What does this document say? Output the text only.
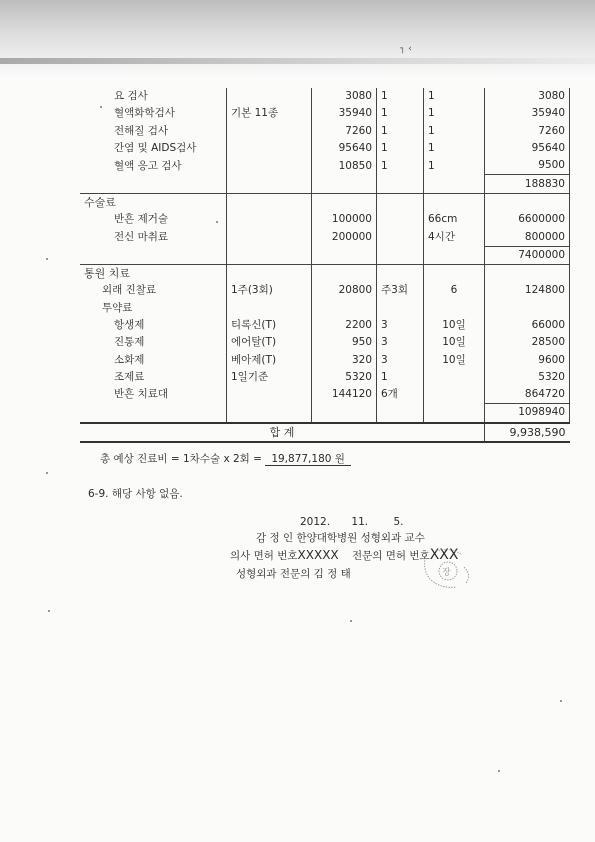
┐ ‹
요 검사		3080	1	1	3080
혈액화학검사	기본 11종	35940	1	1	35940
전해질 검사		7260	1	1	7260
간염 및 AIDS검사		95640	1	1	95640
혈액 응고 검사		10850	1	1	9500
					188830
수술료					
반흔 제거술		100000		66cm	6600000
전신 마취료		200000		4시간	800000
					7400000
통원 치료					
외래 진찰료	1주(3회)	20800	주3회	6	124800
투약료					
항생제	티록신(T)	2200	3	10일	66000
진통제	에어탈(T)	950	3	10일	28500
소화제	베아제(T)	320	3	10일	9600
조제료	1일기준	5320	1		5320
반흔 치료대		144120	6개		864720
					1098940
합 계					9,938,590
총 예상 진료비 = 1차수술 x 2회 = 19,877,180 원
6-9. 해당 사항 없음.
2012. 11. 5.
감 정 인 한양대학병원 성형외과 교수
의사 면허 번호XXXXX 전문의 면허 번호XXX
성형외과 전문의 김 정 태	장
